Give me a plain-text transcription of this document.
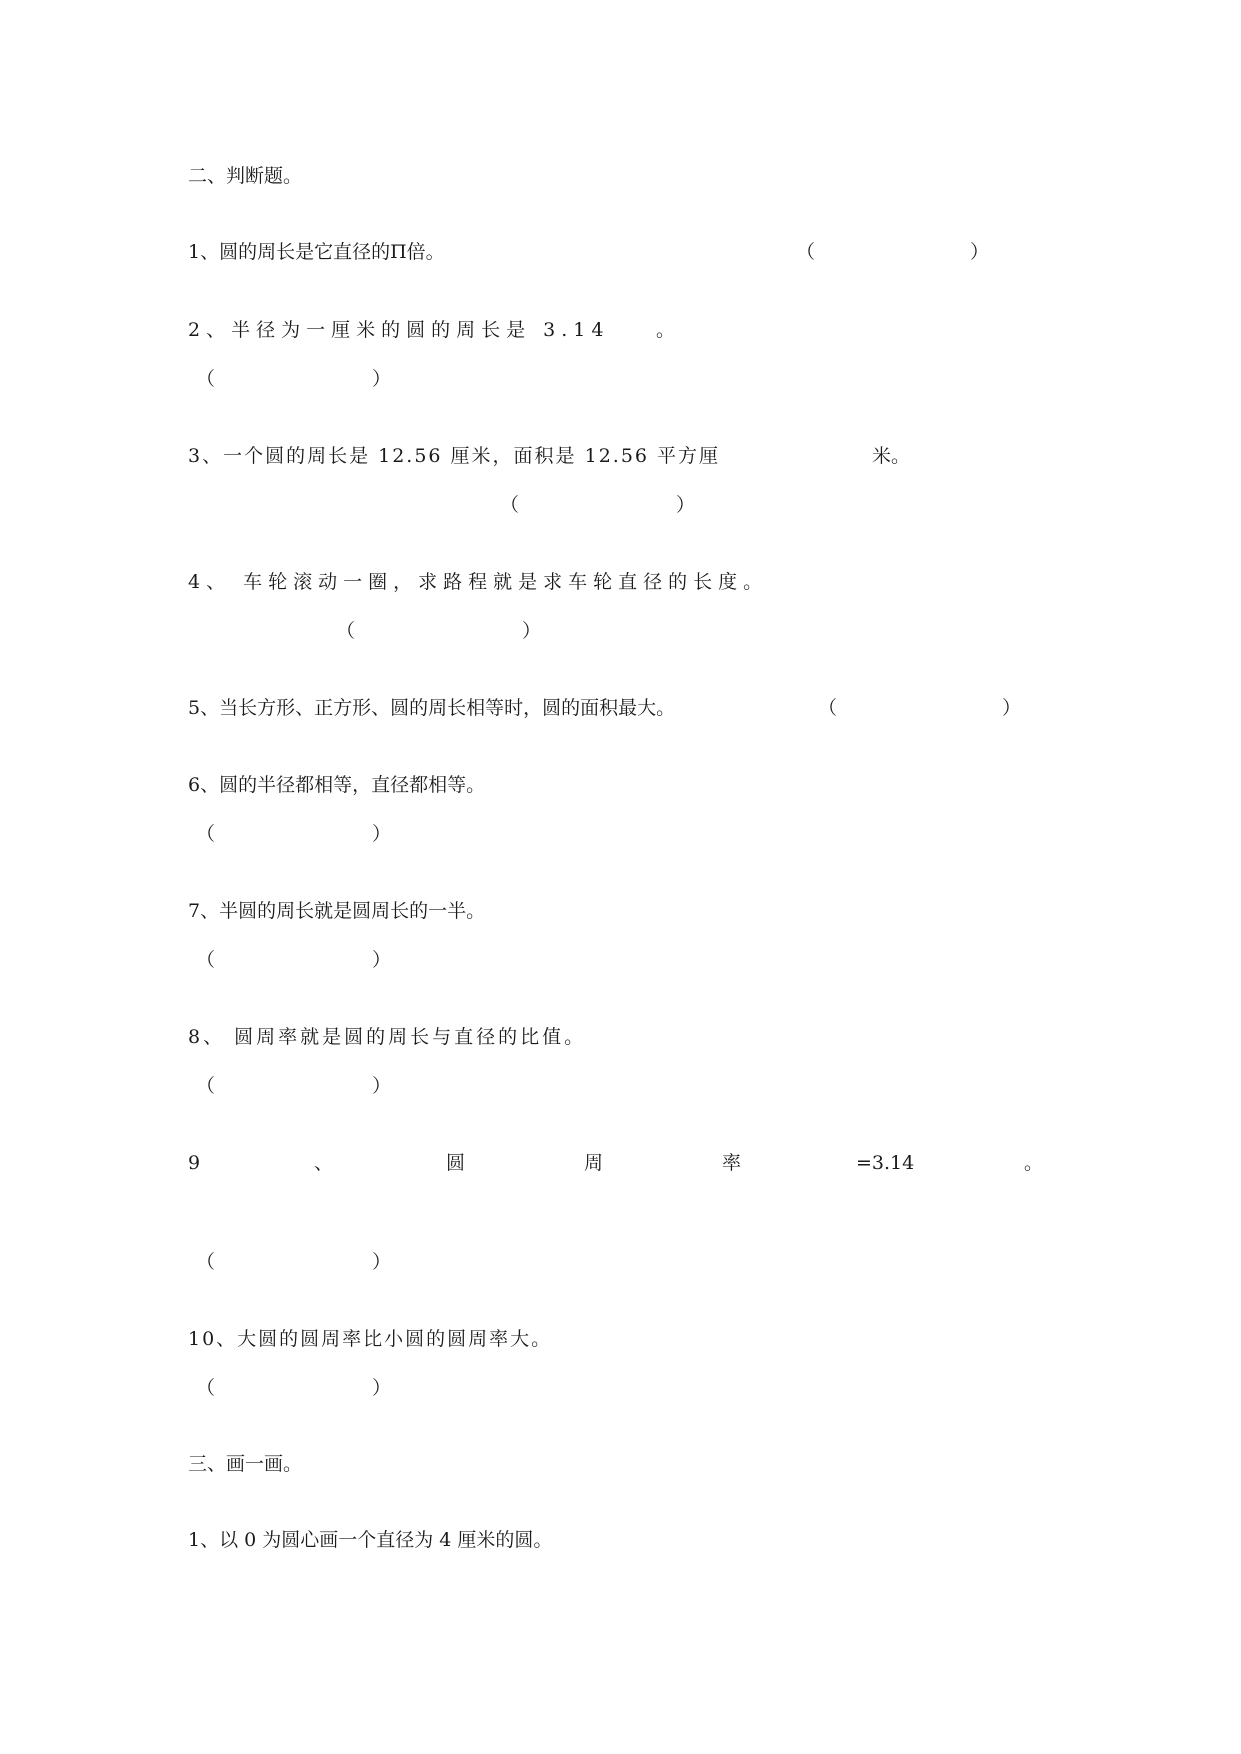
二、判断题。
1、圆的周长是它直径的Π倍。	（	）
2、半径为一厘米的圆的周长是 3.14 。
（	）
3、一个圆的周长是 12.56 厘米，面积是 12.56 平方厘	米。
（	）
4、 车轮滚动一圈，求路程就是求车轮直径的长度。
（	）
5、当长方形、正方形、圆的周长相等时，圆的面积最大。	（	）
6、圆的半径都相等，直径都相等。
（	）
7、半圆的周长就是圆周长的一半。
（	）
8、 圆周率就是圆的周长与直径的比值。
（	）
9	、	圆	周	率	=3.14	。
（	）
10、大圆的圆周率比小圆的圆周率大。
（	）
三、画一画。
1、以 0 为圆心画一个直径为 4 厘米的圆。
